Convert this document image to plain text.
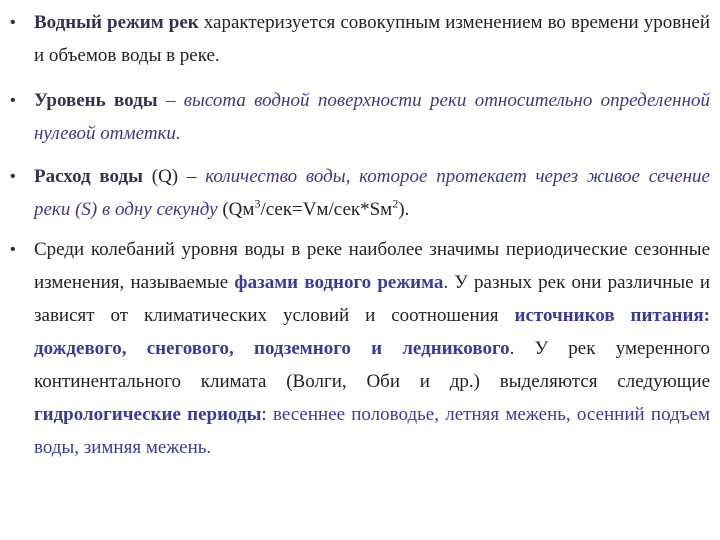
• Водный режим рек характеризуется совокупным изменением во времени уровней и объемов воды в реке.
• Уровень воды – высота водной поверхности реки относительно определенной нулевой отметки.
• Расход воды (Q) – количество воды, которое протекает через живое сечение реки (S) в одну секунду $(Qм^3/сек=Vм/сек*Sм^2)$.
• Среди колебаний уровня воды в реке наиболее значимы периодические сезонные изменения, называемые фазами водного режима. У разных рек они различные и зависят от климатических условий и соотношения источников питания: дождевого, снегового, подземного и ледникового. У рек умеренного континентального климата (Волги, Оби и др.) выделяются следующие гидрологические периоды: весеннее половодье, летняя межень, осенний подъем воды, зимняя межень.
